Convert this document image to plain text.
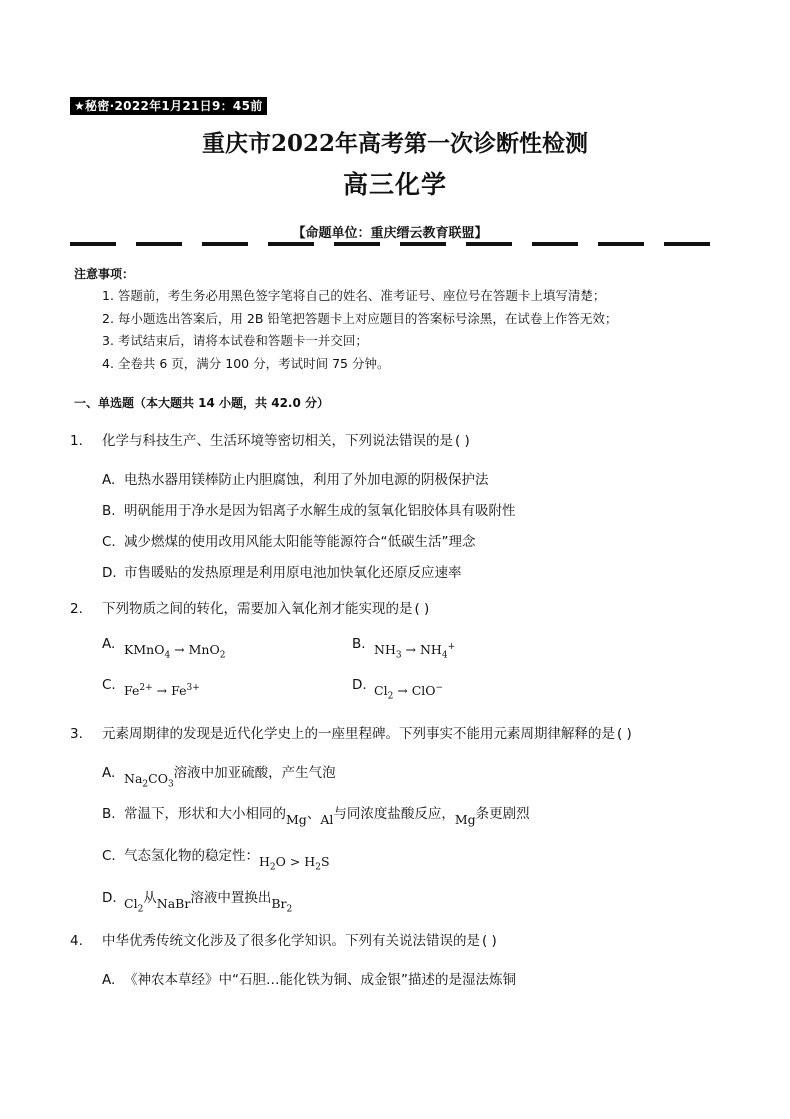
★秘密·2022年1月21日9：45前
重庆市2022年高考第一次诊断性检测
高三化学
【命题单位：重庆缙云教育联盟】
注意事项：
1. 答题前，考生务必用黑色签字笔将自己的姓名、准考证号、座位号在答题卡上填写清楚；
2. 每小题选出答案后，用 2B 铅笔把答题卡上对应题目的答案标号涂黑，在试卷上作答无效；
3. 考试结束后，请将本试卷和答题卡一并交回；
4. 全卷共 6 页，满分 100 分，考试时间 75 分钟。
一、单选题（本大题共 14 小题，共 42.0 分）
1. 化学与科技生产、生活环境等密切相关，下列说法错误的是 ( )
A. 电热水器用镁棒防止内胆腐蚀，利用了外加电源的阴极保护法
B. 明矾能用于净水是因为铝离子水解生成的氢氧化铝胶体具有吸附性
C. 减少燃煤的使用改用风能太阳能等能源符合“低碳生活”理念
D. 市售暖贴的发热原理是利用原电池加快氧化还原反应速率
2. 下列物质之间的转化，需要加入氧化剂才能实现的是 ( )
A. KMnO$_4$ → MnO$_2$
B. $NH_3 \to NH_4^+$
C. $Fe^{2+} \to Fe^{3+}$	D. $Cl_2 \to ClO^-$
3. 元素周期律的发现是近代化学史上的一座里程碑。下列事实不能用元素周期律解释的是 ( )
A. $Na_2CO_3$溶液中加亚硫酸，产生气泡
B. 常温下，形状和大小相同的Mg、Al与同浓度盐酸反应，Mg条更剧烈
C. 气态氢化物的稳定性：$H_2O > H_2S$
D. $Cl_2$从NaBr溶液中置换出$Br_2$
4. 中华优秀传统文化涉及了很多化学知识。下列有关说法错误的是 ( )
A. 《神农本草经》中“石胆…能化铁为铜、成金银”描述的是湿法炼铜
